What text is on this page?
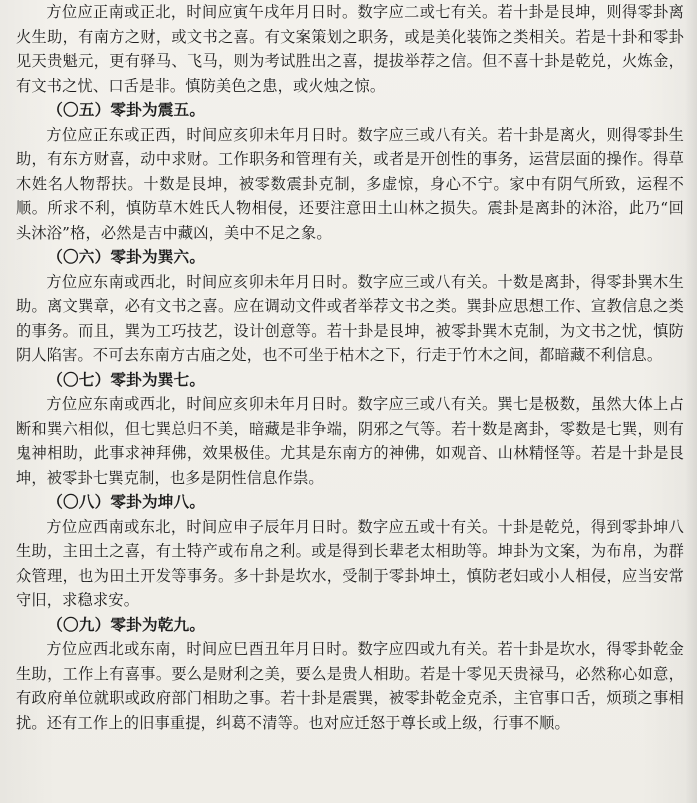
方位应正南或正北，时间应寅午戌年月日时。数字应二或七有关。若十卦是艮坤，则得零卦离火生助，有南方之财，或文书之喜。有文案策划之职务，或是美化装饰之类相关。若是十卦和零卦见天贵魁元，更有驿马、飞马，则为考试胜出之喜，提拔举荐之信。但不喜十卦是乾兑，火炼金，有文书之忧、口舌是非。慎防美色之患，或火烛之惊。

（〇五）零卦为震五。

方位应正东或正西，时间应亥卯未年月日时。数字应三或八有关。若十卦是离火，则得零卦生助，有东方财喜，动中求财。工作职务和管理有关，或者是开创性的事务，运营层面的操作。得草木姓名人物帮扶。十数是艮坤，被零数震卦克制，多虚惊，身心不宁。家中有阴气所致，运程不顺。所求不利，慎防草木姓氏人物相侵，还要注意田土山林之损失。震卦是离卦的沐浴，此乃“回头沐浴”格，必然是吉中藏凶，美中不足之象。

（〇六）零卦为巽六。

方位应东南或西北，时间应亥卯未年月日时。数字应三或八有关。十数是离卦，得零卦巽木生助。离文巽章，必有文书之喜。应在调动文件或者举荐文书之类。巽卦应思想工作、宣教信息之类的事务。而且，巽为工巧技艺，设计创意等。若十卦是艮坤，被零卦巽木克制，为文书之忧，慎防阴人陷害。不可去东南方古庙之处，也不可坐于枯木之下，行走于竹木之间，都暗藏不利信息。

（〇七）零卦为巽七。

方位应东南或西北，时间应亥卯未年月日时。数字应三或八有关。巽七是极数，虽然大体上占断和巽六相似，但七巽总归不美，暗藏是非争端，阴邪之气等。若十数是离卦，零数是七巽，则有鬼神相助，此事求神拜佛，效果极佳。尤其是东南方的神佛，如观音、山林精怪等。若是十卦是艮坤，被零卦七巽克制，也多是阴性信息作祟。

（〇八）零卦为坤八。

方位应西南或东北，时间应申子辰年月日时。数字应五或十有关。十卦是乾兑，得到零卦坤八生助，主田土之喜，有土特产或布帛之利。或是得到长辈老太相助等。坤卦为文案，为布帛，为群众管理，也为田土开发等事务。多十卦是坎水，受制于零卦坤土，慎防老妇或小人相侵，应当安常守旧，求稳求安。

（〇九）零卦为乾九。

方位应西北或东南，时间应巳酉丑年月日时。数字应四或九有关。若十卦是坎水，得零卦乾金生助，工作上有喜事。要么是财利之美，要么是贵人相助。若是十零见天贵禄马，必然称心如意，有政府单位就职或政府部门相助之事。若十卦是震巽，被零卦乾金克杀，主官事口舌，烦琐之事相扰。还有工作上的旧事重提，纠葛不清等。也对应迁怒于尊长或上级，行事不顺。
